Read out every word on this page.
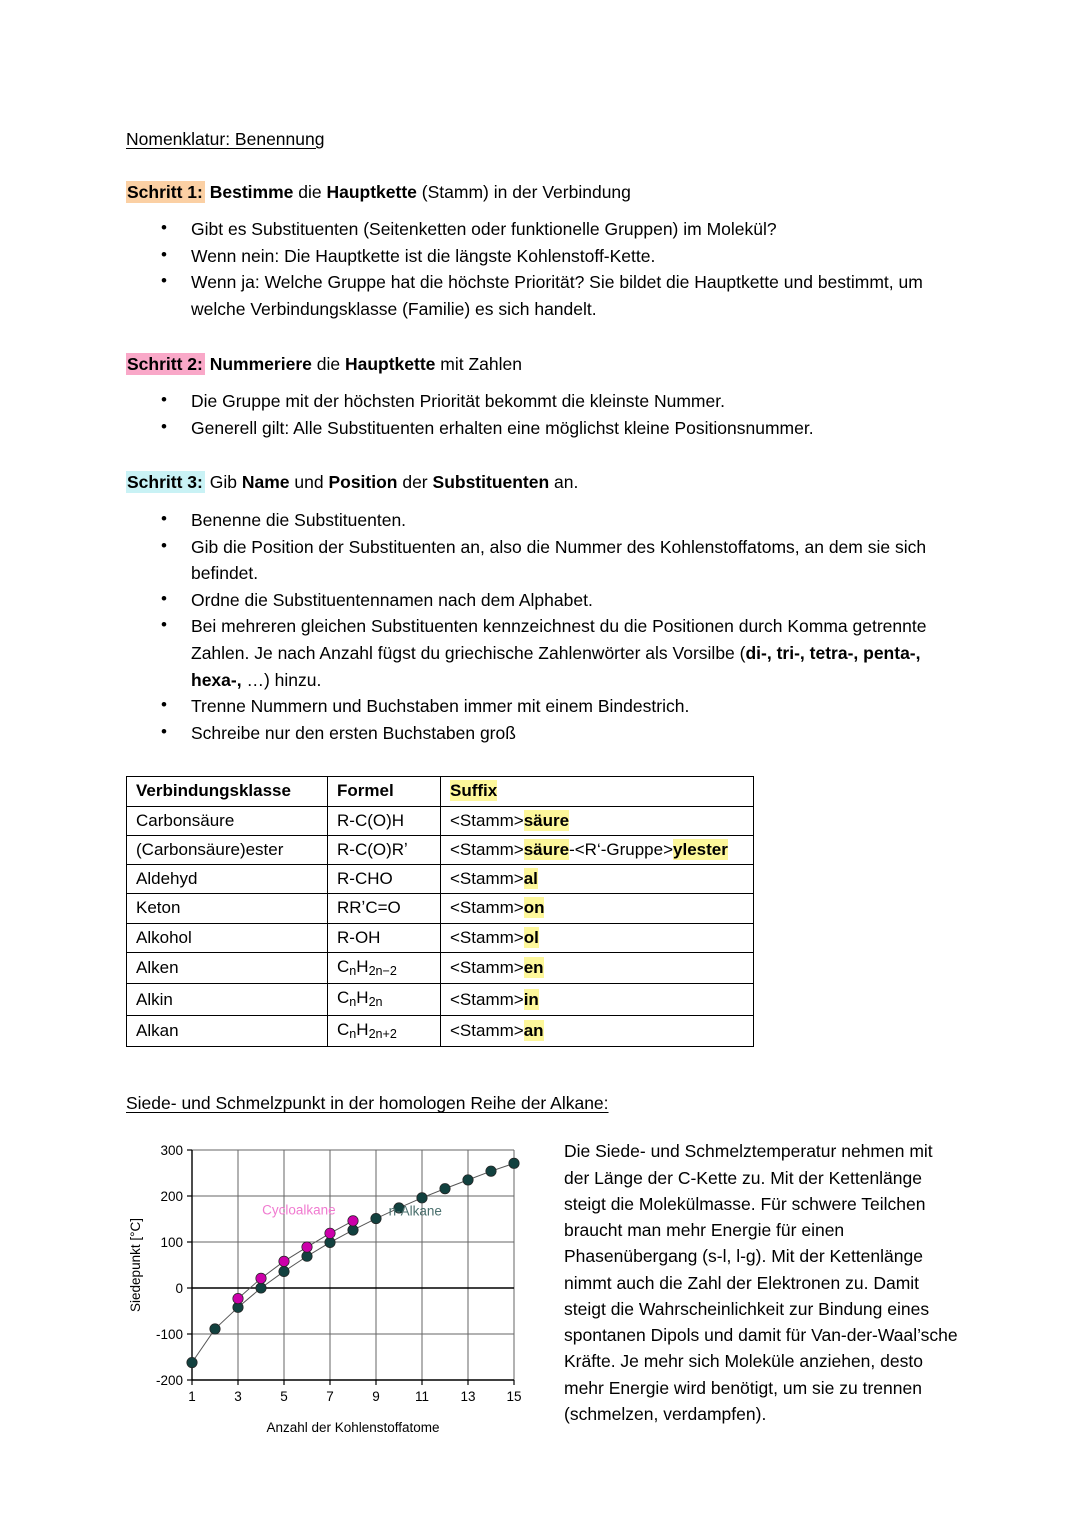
Nomenklatur: Benennung
Schritt 1: Bestimme die Hauptkette (Stamm) in der Verbindung
• Gibt es Substituenten (Seitenketten oder funktionelle Gruppen) im Molekül?
• Wenn nein: Die Hauptkette ist die längste Kohlenstoff-Kette.
• Wenn ja: Welche Gruppe hat die höchste Priorität? Sie bildet die Hauptkette und bestimmt, um welche Verbindungsklasse (Familie) es sich handelt.
Schritt 2: Nummeriere die Hauptkette mit Zahlen
• Die Gruppe mit der höchsten Priorität bekommt die kleinste Nummer.
• Generell gilt: Alle Substituenten erhalten eine möglichst kleine Positionsnummer.
Schritt 3: Gib Name und Position der Substituenten an.
• Benenne die Substituenten.
• Gib die Position der Substituenten an, also die Nummer des Kohlenstoffatoms, an dem sie sich befindet.
• Ordne die Substituentennamen nach dem Alphabet.
• Bei mehreren gleichen Substituenten kennzeichnest du die Positionen durch Komma getrennte Zahlen. Je nach Anzahl fügst du griechische Zahlenwörter als Vorsilbe (di-, tri-, tetra-, penta-, hexa-, …) hinzu.
• Trenne Nummern und Buchstaben immer mit einem Bindestrich.
• Schreibe nur den ersten Buchstaben groß
Verbindungsklasse	Formel	Suffix
Carbonsäure	R-C(O)H	<Stamm>säure
(Carbonsäure)ester	R-C(O)Rʼ	<Stamm>säure-<R‘-Gruppe>ylester
Aldehyd	R-CHO	<Stamm>al
Keton	RRʼC=O	<Stamm>on
Alkohol	R-OH	<Stamm>ol
Alken	$C_nH_{2n-2}$	<Stamm>en
Alkin	$C_nH_{2n}$	<Stamm>in
Alkan	$C_nH_{2n+2}$	<Stamm>an
Siede- und Schmelzpunkt in der homologen Reihe der Alkane:
-200
-100
0
100
200
300
1	3	5	7	9	11 13 15
Anzahl der Kohlenstoffatome
Siedepunkt [°C]
Cycloalkane	n-Alkane
Die Siede- und Schmelztemperatur nehmen mit der Länge der C-Kette zu. Mit der Kettenlänge steigt die Molekülmasse. Für schwere Teilchen braucht man mehr Energie für einen Phasenübergang (s-l, l-g). Mit der Kettenlänge nimmt auch die Zahl der Elektronen zu. Damit steigt die Wahrscheinlichkeit zur Bindung eines spontanen Dipols und damit für Van-der-Waal’sche Kräfte. Je mehr sich Moleküle anziehen, desto mehr Energie wird benötigt, um sie zu trennen (schmelzen, verdampfen).
